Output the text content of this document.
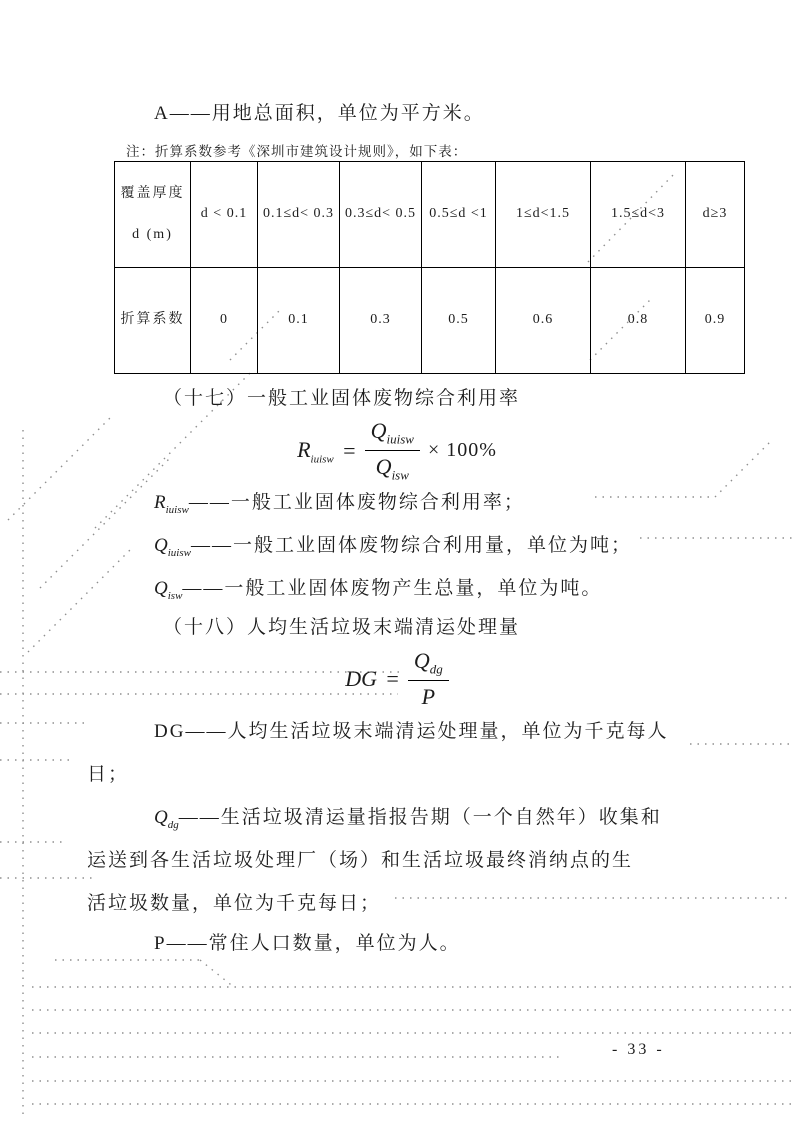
A——用地总面积，单位为平方米。
注：折算系数参考《深圳市建筑设计规则》，如下表：
覆盖厚度 d (m)	d < 0.1	0.1≤d< 0.3	0.3≤d< 0.5	0.5≤d <1	1≤d<1.5	1.5≤d<3	d≥3
折算系数	0	0.1	0.3	0.5	0.6	0.8	0.9
（十七）一般工业固体废物综合利用率
$R_{iuisw} = \frac{Q_{iuisw}}{Q_{isw}} \times 100\%$
$R_{iuisw}——$一般工业固体废物综合利用率；
$Q_{iuisw}——$一般工业固体废物综合利用量，单位为吨；
$Q_{isw}——$一般工业固体废物产生总量，单位为吨。
（十八）人均生活垃圾末端清运处理量
DG = $\frac{Q_{dg}}{P}$
DG——人均生活垃圾末端清运处理量，单位为千克每人
日；
$Q_{dg}——$生活垃圾清运量指报告期（一个自然年）收集和
运送到各生活垃圾处理厂（场）和生活垃圾最终消纳点的生
活垃圾数量，单位为千克每日；
P——常住人口数量，单位为人。
- 33 -
